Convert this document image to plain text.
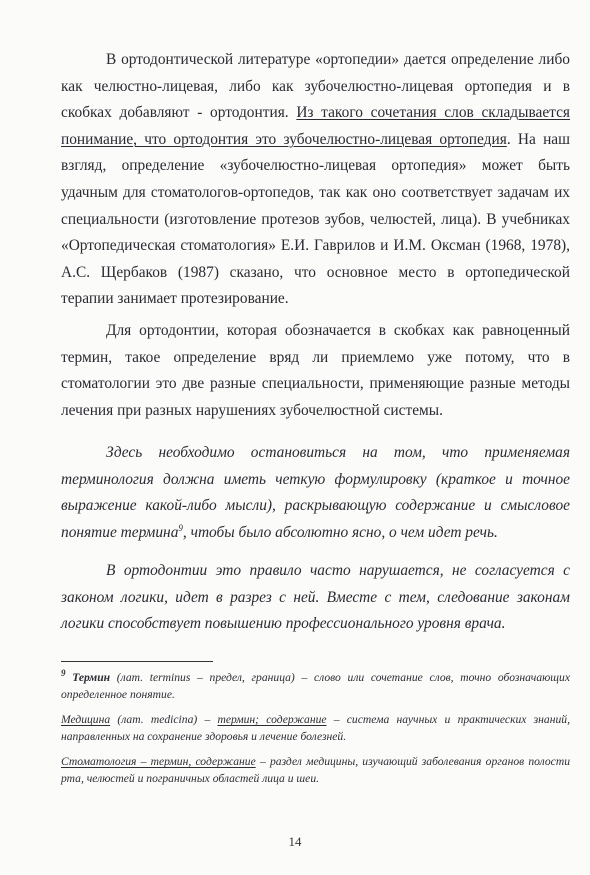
В ортодонтической литературе «ортопедии» дается определение либо как челюстно-лицевая, либо как зубочелюстно-лицевая ортопедия и в скобках добавляют - ортодонтия. Из такого сочетания слов складывается понимание, что ортодонтия это зубочелюстно-лицевая ортопедия. На наш взгляд, определение «зубочелюстно-лицевая ортопедия» может быть удачным для стоматологов-ортопедов, так как оно соответствует задачам их специальности (изготовление протезов зубов, челюстей, лица). В учебниках «Ортопедическая стоматология» Е.И. Гаврилов и И.М. Оксман (1968, 1978), А.С. Щербаков (1987) сказано, что основное место в ортопедической терапии занимает протезирование.

Для ортодонтии, которая обозначается в скобках как равноценный термин, такое определение вряд ли приемлемо уже потому, что в стоматологии это две разные специальности, применяющие разные методы лечения при разных нарушениях зубочелюстной системы.

Здесь необходимо остановиться на том, что применяемая терминология должна иметь четкую формулировку (краткое и точное выражение какой-либо мысли), раскрывающую содержание и смысловое понятие термина$^9$, чтобы было абсолютно ясно, о чем идет речь.

В ортодонтии это правило часто нарушается, не согласуется с законом логики, идет в разрез с ней. Вместе с тем, следование законам логики способствует повышению профессионального уровня врача.

$^9$ Термин (лат. terminus – предел, граница) – слово или сочетание слов, точно обозначающих определенное понятие.

Медицина (лат. medicina) – термин; содержание – система научных и практических знаний, направленных на сохранение здоровья и лечение болезней.

Стоматология – термин, содержание – раздел медицины, изучающий заболевания органов полости рта, челюстей и пограничных областей лица и шеи.

14
